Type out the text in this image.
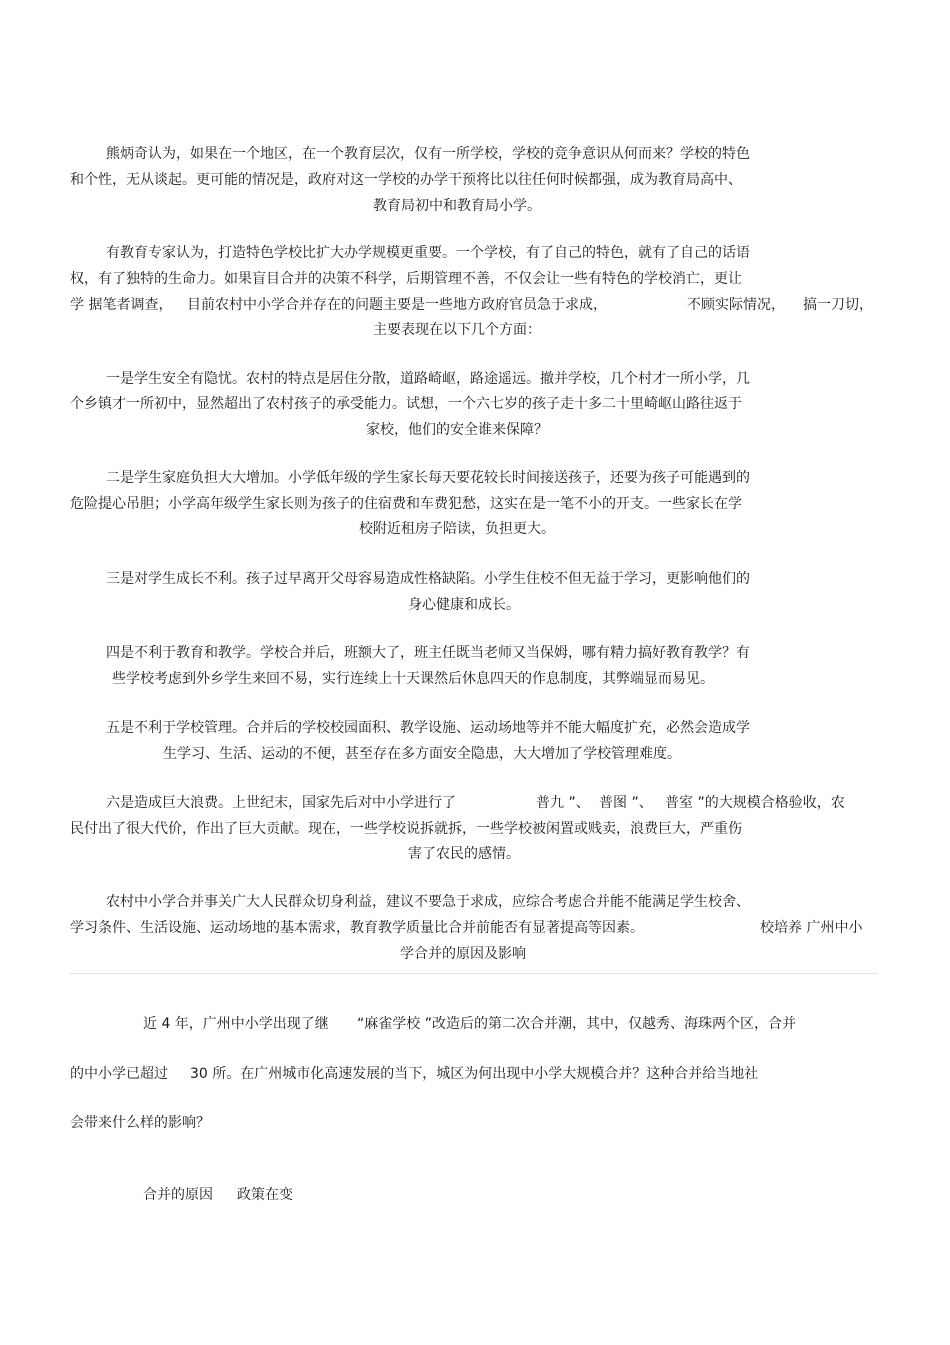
熊炳奇认为，如果在一个地区，在一个教育层次，仅有一所学校，学校的竞争意识从何而来？学校的特色
和个性，无从谈起。更可能的情况是，政府对这一学校的办学干预将比以往任何时候都强，成为教育局高中、
教育局初中和教育局小学。
有教育专家认为，打造特色学校比扩大办学规模更重要。一个学校，有了自己的特色，就有了自己的话语
权，有了独特的生命力。如果盲目合并的决策不科学，后期管理不善，不仅会让一些有特色的学校消亡，更让
学 据笔者调查， 目前农村中小学合并存在的问题主要是一些地方政府官员急于求成，	不顾实际情况， 搞一刀切，
主要表现在以下几个方面：
一是学生安全有隐忧。农村的特点是居住分散，道路崎岖，路途遥远。撤并学校，几个村才一所小学，几
个乡镇才一所初中，显然超出了农村孩子的承受能力。试想，一个六七岁的孩子走十多二十里崎岖山路往返于
家校，他们的安全谁来保障？
二是学生家庭负担大大增加。小学低年级的学生家长每天要花较长时间接送孩子，还要为孩子可能遇到的
危险提心吊胆；小学高年级学生家长则为孩子的住宿费和车费犯愁，这实在是一笔不小的开支。一些家长在学
校附近租房子陪读，负担更大。
三是对学生成长不利。孩子过早离开父母容易造成性格缺陷。小学生住校不但无益于学习，更影响他们的
身心健康和成长。
四是不利于教育和教学。学校合并后，班额大了，班主任既当老师又当保姆，哪有精力搞好教育教学？有
些学校考虑到外乡学生来回不易，实行连续上十天课然后休息四天的作息制度，其弊端显而易见。
五是不利于学校管理。合并后的学校校园面积、教学设施、运动场地等并不能大幅度扩充，必然会造成学
生学习、生活、运动的不便，甚至存在多方面安全隐患，大大增加了学校管理难度。
六是造成巨大浪费。上世纪末，国家先后对中小学进行了	普九 ”、 普图 ”、 普室 ”的大规模合格验收，农
民付出了很大代价，作出了巨大贡献。现在，一些学校说拆就拆，一些学校被闲置或贱卖，浪费巨大，严重伤
害了农民的感情。
农村中小学合并事关广大人民群众切身利益，建议不要急于求成，应综合考虑合并能不能满足学生校舍、
学习条件、生活设施、运动场地的基本需求，教育教学质量比合并前能否有显著提高等因素。	校培养 广州中小
学合并的原因及影响
近 4 年，广州中小学出现了继 “麻雀学校 ”改造后的第二次合并潮，其中，仅越秀、海珠两个区，合并
的中小学已超过 30 所。在广州城市化高速发展的当下，城区为何出现中小学大规模合并？这种合并给当地社
会带来什么样的影响？
合并的原因 政策在变
